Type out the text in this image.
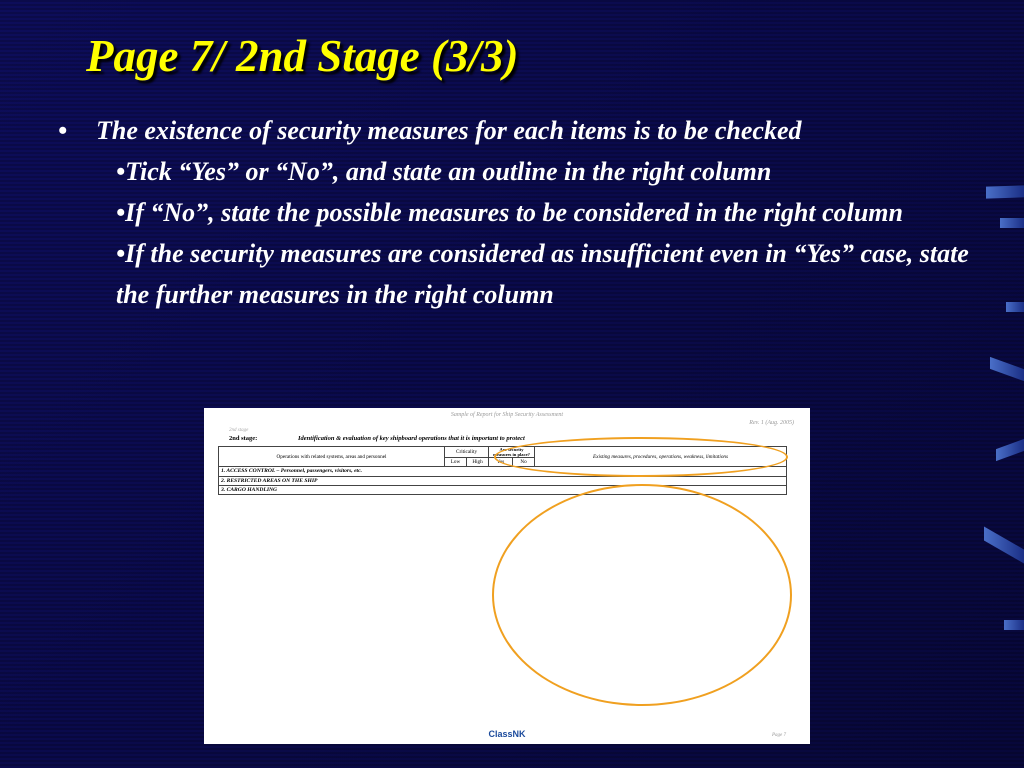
Page 7/ 2nd Stage (3/3)
• The existence of security measures for each items is to be checked
•Tick “Yes” or “No”, and state an outline in the right column
•If “No”, state the possible measures to be considered in the right column
•If the security measures are considered as insufficient even in “Yes” case, state the further measures in the right column
Sample of Report for Ship Security Assessment
Rev. 1 (Aug. 2005)
2nd stage
2nd stage:	Identification & evaluation of key shipboard operations that it is important to protect
Operations with related systems, areas and personnel	Criticality		Are security measures in place?		Existing measures, procedures, operations, weakness, limitations
	Low	High	Yes	No	
1. ACCESS CONTROL – Personnel, passengers, visitors, etc.					
2. RESTRICTED AREAS ON THE SHIP					
3. CARGO HANDLING					
ClassNK	Page 7
